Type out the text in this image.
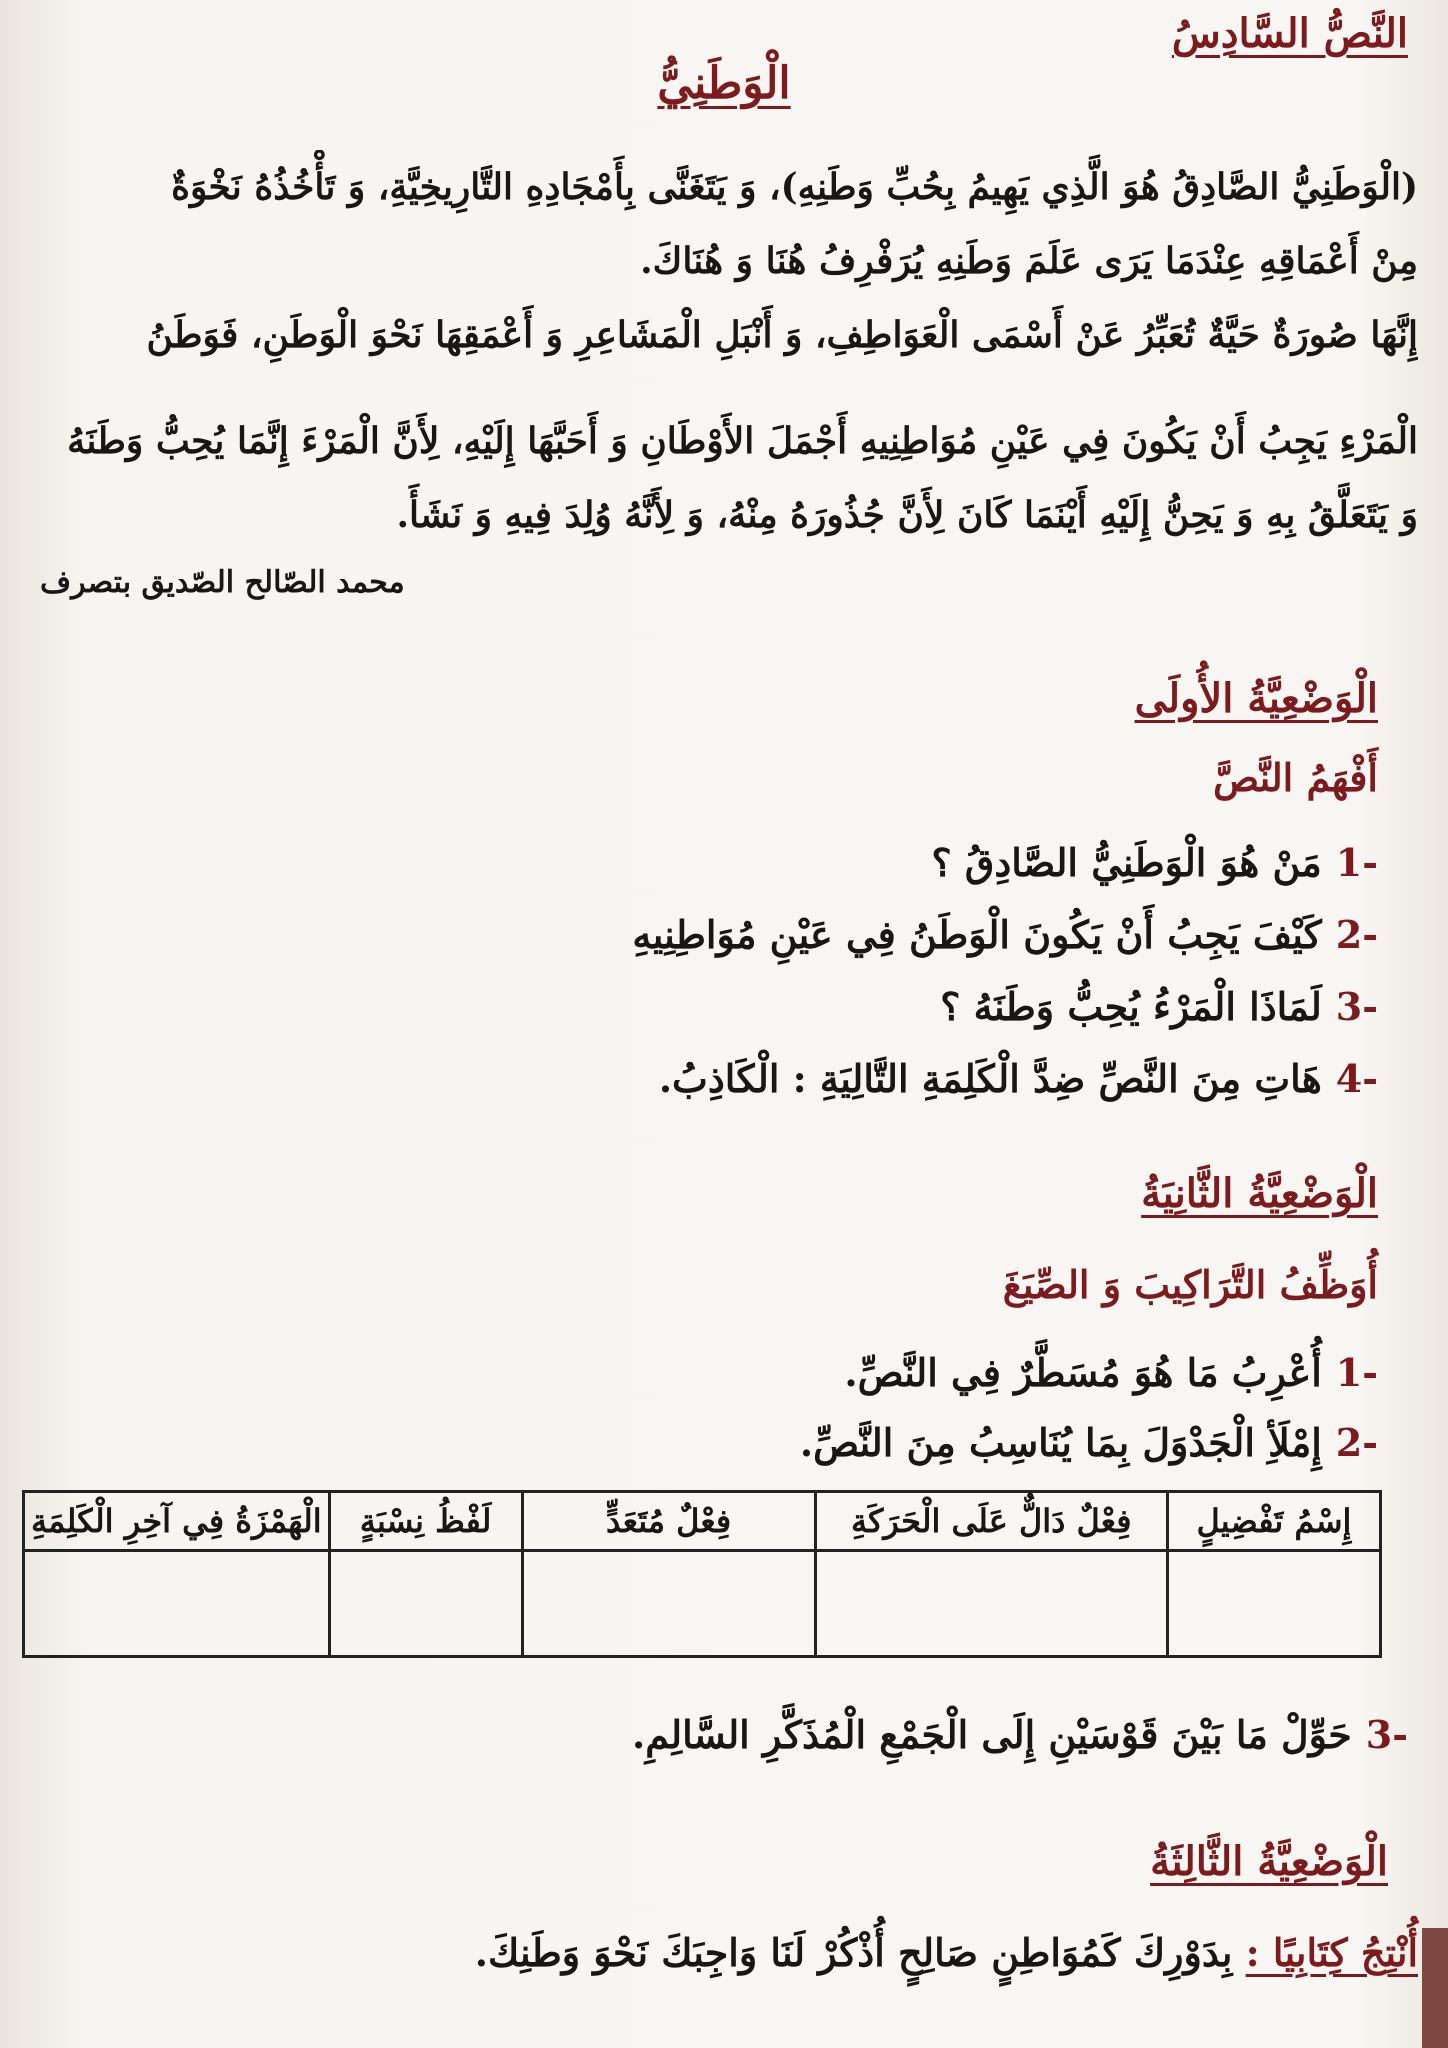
النَّصُّ السَّادِسُ
الْوَطَنِيُّ
(الْوَطَنِيُّ الصَّادِقُ هُوَ الَّذِي يَهِيمُ بِحُبِّ وَطَنِهِ)، وَ يَتَغَنَّى بِأَمْجَادِهِ التَّارِيخِيَّةِ، وَ تَأْخُذُهُ نَخْوَةٌ
مِنْ أَعْمَاقِهِ عِنْدَمَا يَرَى عَلَمَ وَطَنِهِ يُرَفْرِفُ هُنَا وَ هُنَاكَ.
إِنَّهَا صُورَةٌ حَيَّةٌ تُعَبِّرُ عَنْ أَسْمَى الْعَوَاطِفِ، وَ أَنْبَلِ الْمَشَاعِرِ وَ أَعْمَقِهَا نَحْوَ الْوَطَنِ، فَوَطَنُ
الْمَرْءِ يَجِبُ أَنْ يَكُونَ فِي عَيْنِ مُوَاطِنِيهِ أَجْمَلَ الأَوْطَانِ وَ أَحَبَّهَا إِلَيْهِ، لِأَنَّ الْمَرْءَ إِنَّمَا يُحِبُّ وَطَنَهُ
وَ يَتَعَلَّقُ بِهِ وَ يَحِنُّ إِلَيْهِ أَيْنَمَا كَانَ لِأَنَّ جُذُورَهُ مِنْهُ، وَ لِأَنَّهُ وُلِدَ فِيهِ وَ نَشَأَ.
محمد الصّالح الصّديق بتصرف
الْوَضْعِيَّةُ الأُولَى
أَفْهَمُ النَّصَّ
-1مَنْ هُوَ الْوَطَنِيُّ الصَّادِقُ ؟
-2كَيْفَ يَجِبُ أَنْ يَكُونَ الْوَطَنُ فِي عَيْنِ مُوَاطِنِيهِ
-3لَمَاذَا الْمَرْءُ يُحِبُّ وَطَنَهُ ؟
-4هَاتِ مِنَ النَّصِّ ضِدَّ الْكَلِمَةِ التَّالِيَةِ : الْكَاذِبُ.
الْوَضْعِيَّةُ الثَّانِيَةُ
أُوَظِّفُ التَّرَاكِيبَ وَ الصِّيَغَ
-1أُعْرِبُ مَا هُوَ مُسَطَّرٌ فِي النَّصِّ.
-2إِمْلَأِ الْجَدْوَلَ بِمَا يُنَاسِبُ مِنَ النَّصِّ.
إِسْمُ تَفْضِيلٍ	فِعْلٌ دَالٌّ عَلَى الْحَرَكَةِ	فِعْلٌ مُتَعَدٍّ	لَفْظُ نِسْبَةٍ	الْهَمْزَةُ فِي آخِرِ الْكَلِمَةِ

-3حَوِّلْ مَا بَيْنَ قَوْسَيْنِ إِلَى الْجَمْعِ الْمُذَكَّرِ السَّالِمِ.
الْوَضْعِيَّةُ الثَّالِثَةُ
أُنْتِجُ كِتَابِيًا : بِدَوْرِكَ كَمُوَاطِنٍ صَالِحٍ أُذْكُرْ لَنَا وَاجِبَكَ نَحْوَ وَطَنِكَ.
